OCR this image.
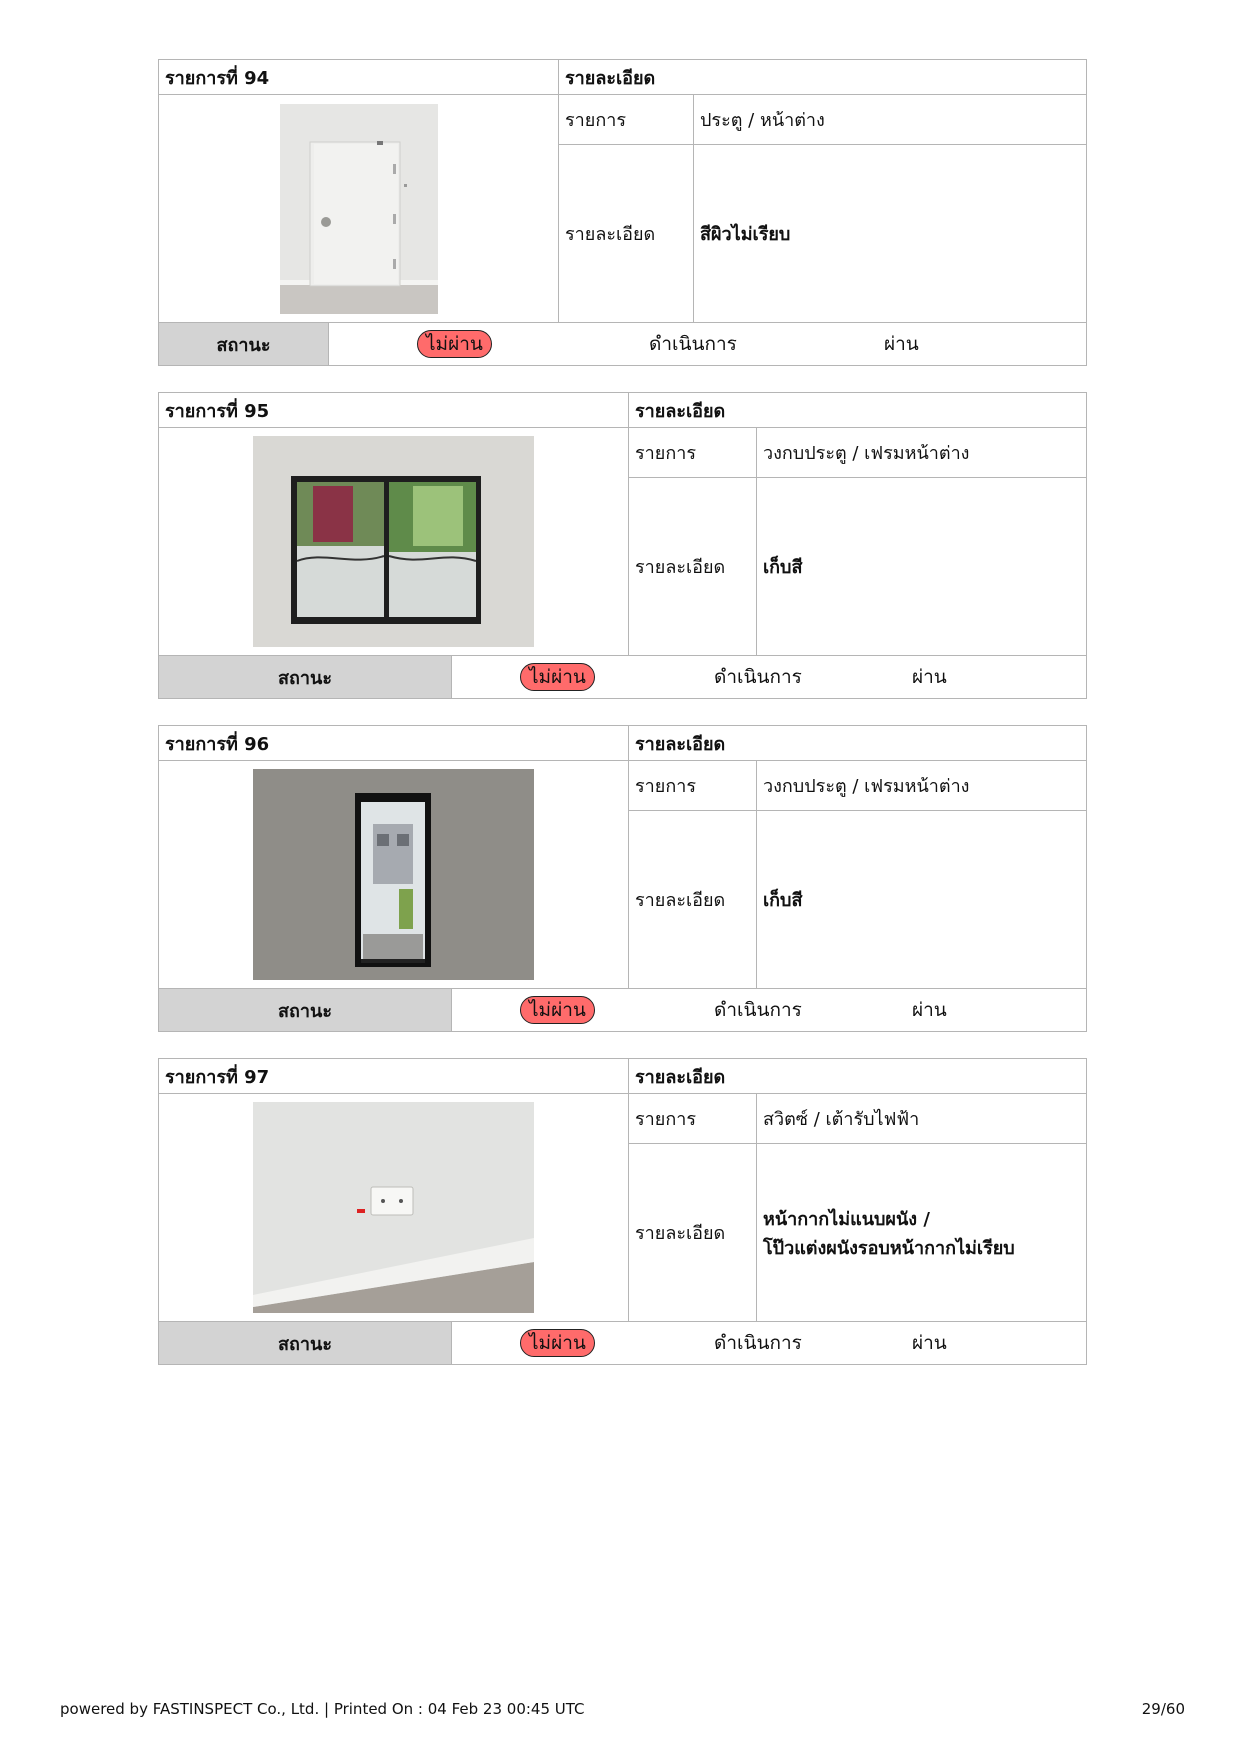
รายการที่ 94	รายละเอียด	
	รายการ	ประตู / หน้าต่าง
	รายละเอียด	สีผิวไม่เรียบ
สถานะ	ไม่ผ่าน	ดำเนินการ	ผ่าน
รายการที่ 95	รายละเอียด	
	รายการ	วงกบประตู / เฟรมหน้าต่าง
	รายละเอียด	เก็บสี
สถานะ	ไม่ผ่าน	ดำเนินการ	ผ่าน
รายการที่ 96	รายละเอียด	
	รายการ	วงกบประตู / เฟรมหน้าต่าง
	รายละเอียด	เก็บสี
สถานะ	ไม่ผ่าน	ดำเนินการ	ผ่าน
รายการที่ 97	รายละเอียด	
	รายการ	สวิตซ์ / เต้ารับไฟฟ้า
	รายละเอียด	หน้ากากไม่แนบผนัง /
โป๊วแต่งผนังรอบหน้ากากไม่เรียบ
สถานะ	ไม่ผ่าน	ดำเนินการ	ผ่าน
powered by FASTINSPECT Co., Ltd. | Printed On : 04 Feb 23 00:45 UTC	29/60
